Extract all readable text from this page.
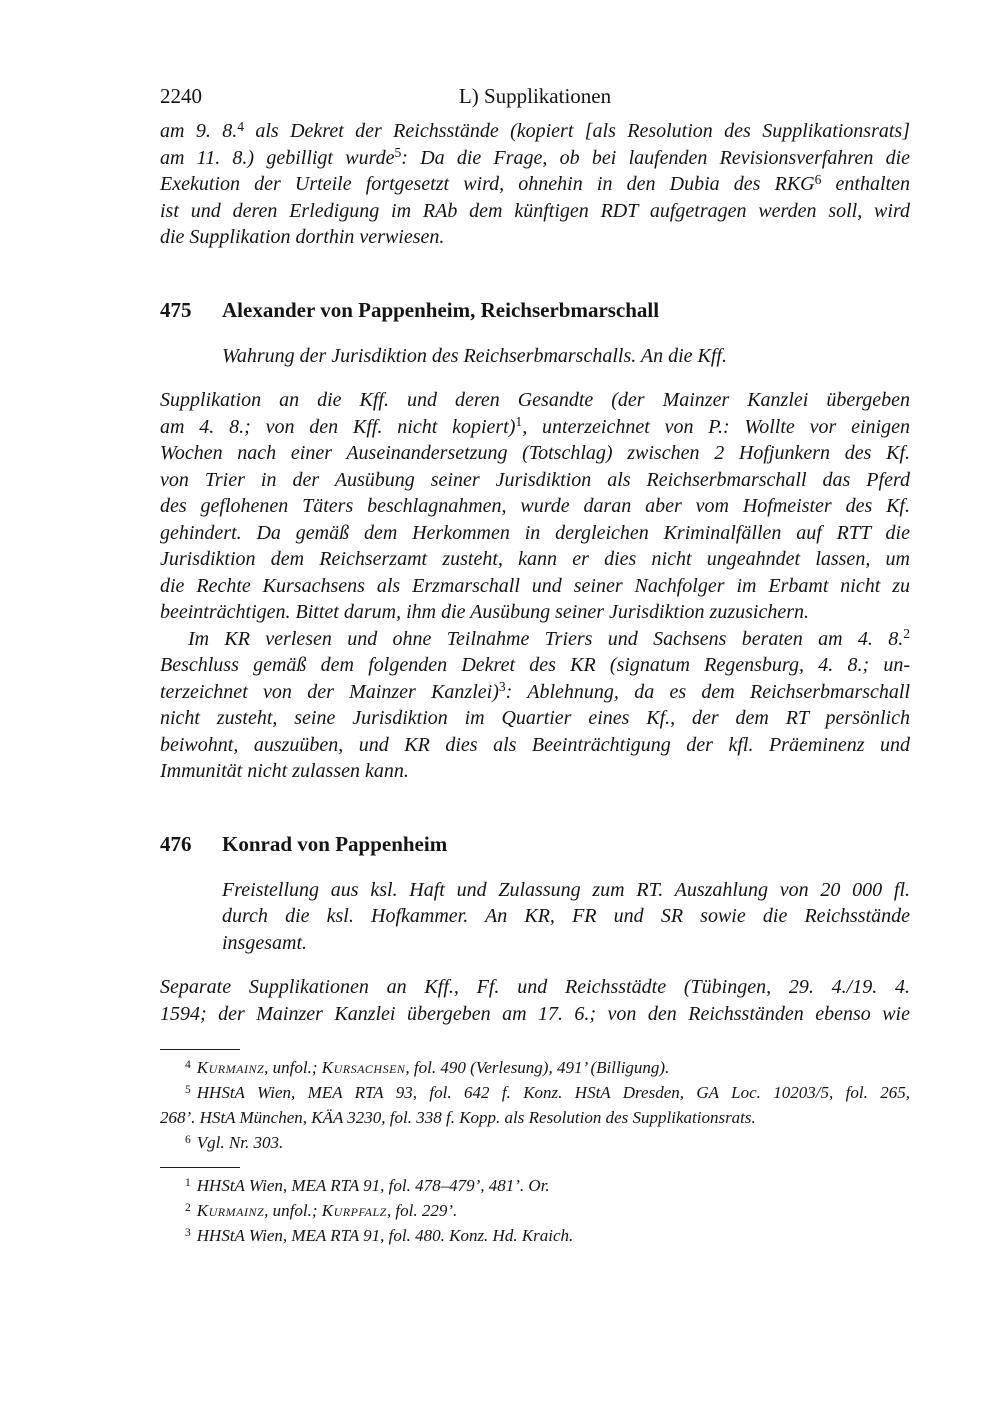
2240	L) Supplikationen
am 9. 8.$^4$ als Dekret der Reichsstände (kopiert [als Resolution des Supplikationsrats]
am 11. 8.) gebilligt wurde$^5$: Da die Frage, ob bei laufenden Revisionsverfahren die
Exekution der Urteile fortgesetzt wird, ohnehin in den Dubia des RKG$^6$ enthalten
ist und deren Erledigung im RAb dem künftigen RDT aufgetragen werden soll, wird
die Supplikation dorthin verwiesen.
475	Alexander von Pappenheim, Reichserbmarschall
Wahrung der Jurisdiktion des Reichserbmarschalls. An die Kff.
Supplikation an die Kff. und deren Gesandte (der Mainzer Kanzlei übergeben
am 4. 8.; von den Kff. nicht kopiert)$^1$, unterzeichnet von P.: Wollte vor einigen
Wochen nach einer Auseinandersetzung (Totschlag) zwischen 2 Hofjunkern des Kf.
von Trier in der Ausübung seiner Jurisdiktion als Reichserbmarschall das Pferd
des geflohenen Täters beschlagnahmen, wurde daran aber vom Hofmeister des Kf.
gehindert. Da gemäß dem Herkommen in dergleichen Kriminalfällen auf RTT die
Jurisdiktion dem Reichserzamt zusteht, kann er dies nicht ungeahndet lassen, um
die Rechte Kursachsens als Erzmarschall und seiner Nachfolger im Erbamt nicht zu
beeinträchtigen. Bittet darum, ihm die Ausübung seiner Jurisdiktion zuzusichern.
Im KR verlesen und ohne Teilnahme Triers und Sachsens beraten am 4. 8.$^2$
Beschluss gemäß dem folgenden Dekret des KR (signatum Regensburg, 4. 8.; un-
terzeichnet von der Mainzer Kanzlei)$^3$: Ablehnung, da es dem Reichserbmarschall
nicht zusteht, seine Jurisdiktion im Quartier eines Kf., der dem RT persönlich
beiwohnt, auszuüben, und KR dies als Beeinträchtigung der kfl. Präeminenz und
Immunität nicht zulassen kann.
476	Konrad von Pappenheim
Freistellung aus ksl. Haft und Zulassung zum RT. Auszahlung von 20 000 fl.
durch die ksl. Hofkammer. An KR, FR und SR sowie die Reichsstände
insgesamt.
Separate Supplikationen an Kff., Ff. und Reichsstädte (Tübingen, 29. 4./19. 4.
1594; der Mainzer Kanzlei übergeben am 17. 6.; von den Reichsständen ebenso wie
$^4$ Kurmainz, unfol.; Kursachsen, fol. 490 (Verlesung), 491’ (Billigung).
$^5$ HHStA Wien, MEA RTA 93, fol. 642 f. Konz. HStA Dresden, GA Loc. 10203/5, fol. 265,
268’. HStA München, KÄA 3230, fol. 338 f. Kopp. als Resolution des Supplikationsrats.
$^6$ Vgl. Nr. 303.
$^1$ HHStA Wien, MEA RTA 91, fol. 478–479’, 481’. Or.
$^2$ Kurmainz, unfol.; Kurpfalz, fol. 229’.
$^3$ HHStA Wien, MEA RTA 91, fol. 480. Konz. Hd. Kraich.
